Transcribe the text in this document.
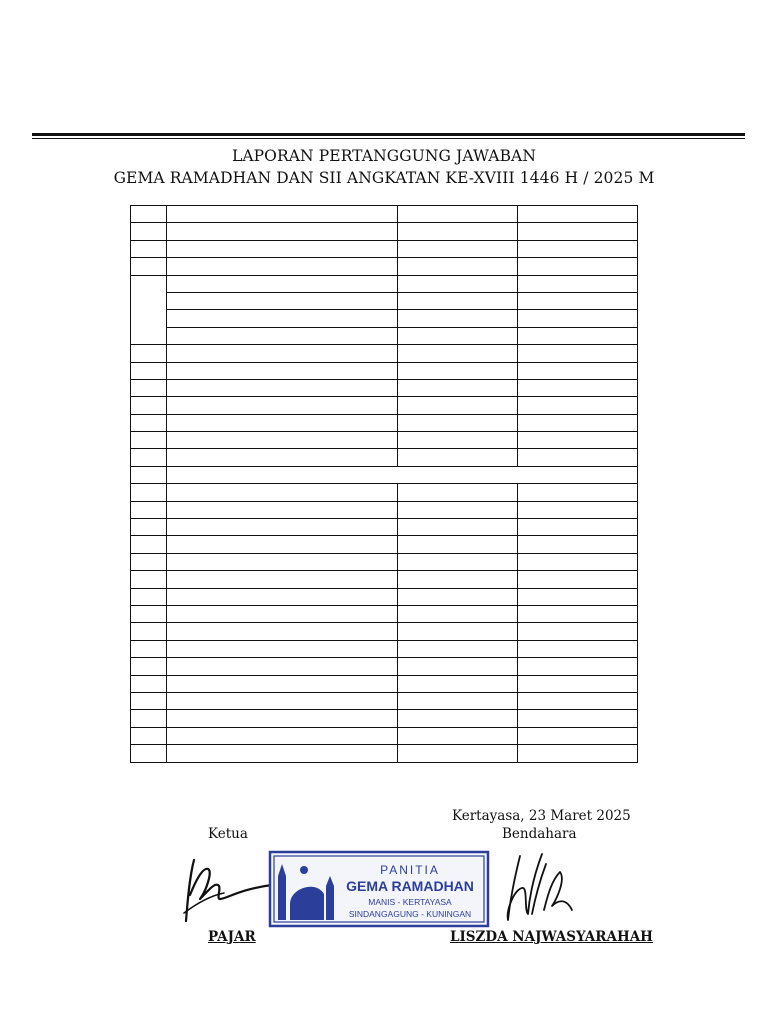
LAPORAN PERTANGGUNG JAWABAN
GEMA RAMADHAN DAN SII ANGKATAN KE-XVIII 1446 H / 2025 M

Kertayasa, 23 Maret 2025
Ketua	Bendahara
PANITIA
GEMA RAMADHAN
MANIS - KERTAYASA
SINDANGAGUNG - KUNINGAN
PAJAR	LISZDA NAJWASYARAHAH
